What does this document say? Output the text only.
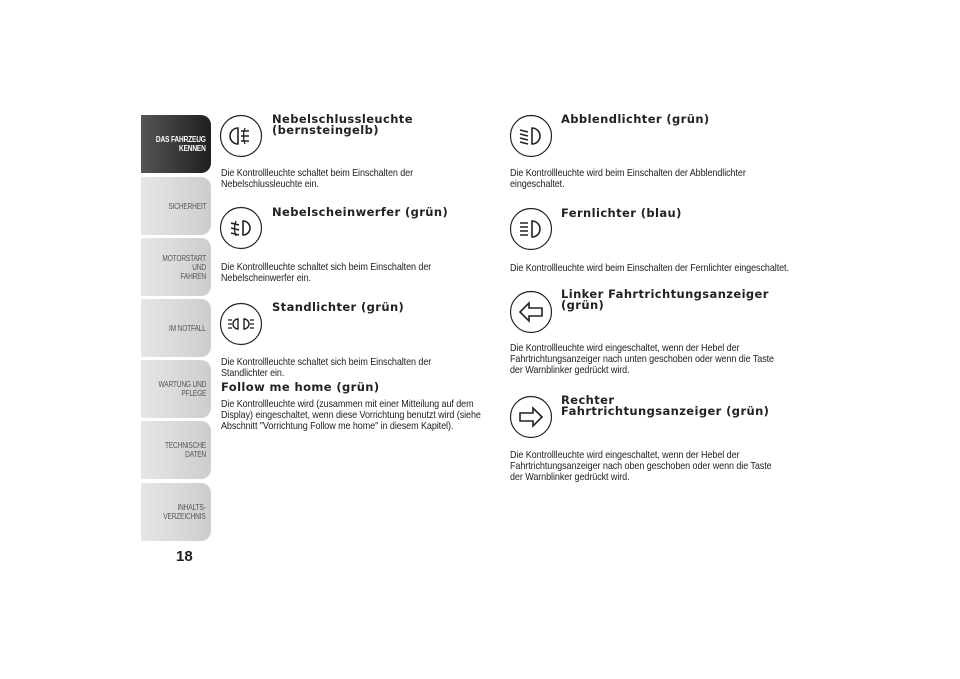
DAS FAHRZEUG
KENNEN
SICHERHEIT
MOTORSTART UND
FAHREN
IM NOTFALL
WARTUNG UND
PFLEGE
TECHNISCHE DATEN
INHALTS-
VERZEICHNIS
18
Nebelschlussleuchte
(bernsteingelb)
Die Kontrollleuchte schaltet beim Einschalten der Nebelschlussleuchte ein.
Nebelscheinwerfer (grün)
Die Kontrollleuchte schaltet sich beim Einschalten der Nebelscheinwerfer ein.
Standlichter (grün)
Die Kontrollleuchte schaltet sich beim Einschalten der Standlichter ein.
Follow me home (grün)
Die Kontrollleuchte wird (zusammen mit einer Mitteilung auf dem Display) eingeschaltet, wenn diese Vorrichtung benutzt wird (siehe Abschnitt "Vorrichtung Follow me home" in diesem Kapitel).
Abblendlichter (grün)
Die Kontrollleuchte wird beim Einschalten der Abblendlichter eingeschaltet.
Fernlichter (blau)
Die Kontrollleuchte wird beim Einschalten der Fernlichter eingeschaltet.
Linker Fahrtrichtungsanzeiger
(grün)
Die Kontrollleuchte wird eingeschaltet, wenn der Hebel der Fahrtrichtungsanzeiger nach unten geschoben oder wenn die Taste der Warnblinker gedrückt wird.
Rechter
Fahrtrichtungsanzeiger (grün)
Die Kontrollleuchte wird eingeschaltet, wenn der Hebel der Fahrtrichtungsanzeiger nach oben geschoben oder wenn die Taste der Warnblinker gedrückt wird.
